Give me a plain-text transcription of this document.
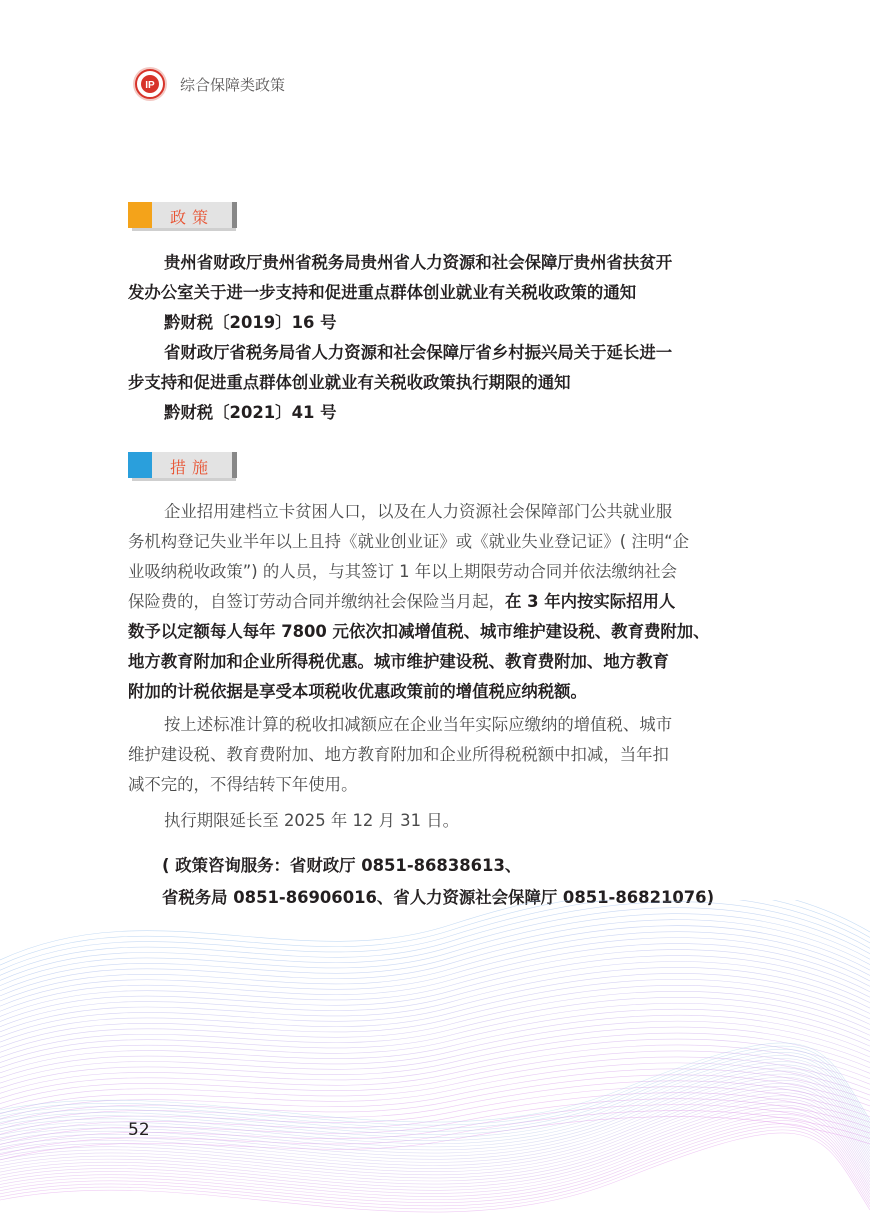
IP 综合保障类政策
政策
贵州省财政厅贵州省税务局贵州省人力资源和社会保障厅贵州省扶贫开
发办公室关于进一步支持和促进重点群体创业就业有关税收政策的通知
黔财税〔2019〕16 号
省财政厅省税务局省人力资源和社会保障厅省乡村振兴局关于延长进一
步支持和促进重点群体创业就业有关税收政策执行期限的通知
黔财税〔2021〕41 号
措施
企业招用建档立卡贫困人口，以及在人力资源社会保障部门公共就业服
务机构登记失业半年以上且持《就业创业证》或《就业失业登记证》( 注明“企
业吸纳税收政策”) 的人员，与其签订 1 年以上期限劳动合同并依法缴纳社会
保险费的，自签订劳动合同并缴纳社会保险当月起，在 3 年内按实际招用人
数予以定额每人每年 7800 元依次扣减增值税、城市维护建设税、教育费附加、
地方教育附加和企业所得税优惠。城市维护建设税、教育费附加、地方教育
附加的计税依据是享受本项税收优惠政策前的增值税应纳税额。
按上述标准计算的税收扣减额应在企业当年实际应缴纳的增值税、城市
维护建设税、教育费附加、地方教育附加和企业所得税税额中扣减，当年扣
减不完的，不得结转下年使用。
执行期限延长至 2025 年 12 月 31 日。
( 政策咨询服务：省财政厅 0851-86838613、
省税务局 0851-86906016、省人力资源社会保障厅 0851-86821076)
52
